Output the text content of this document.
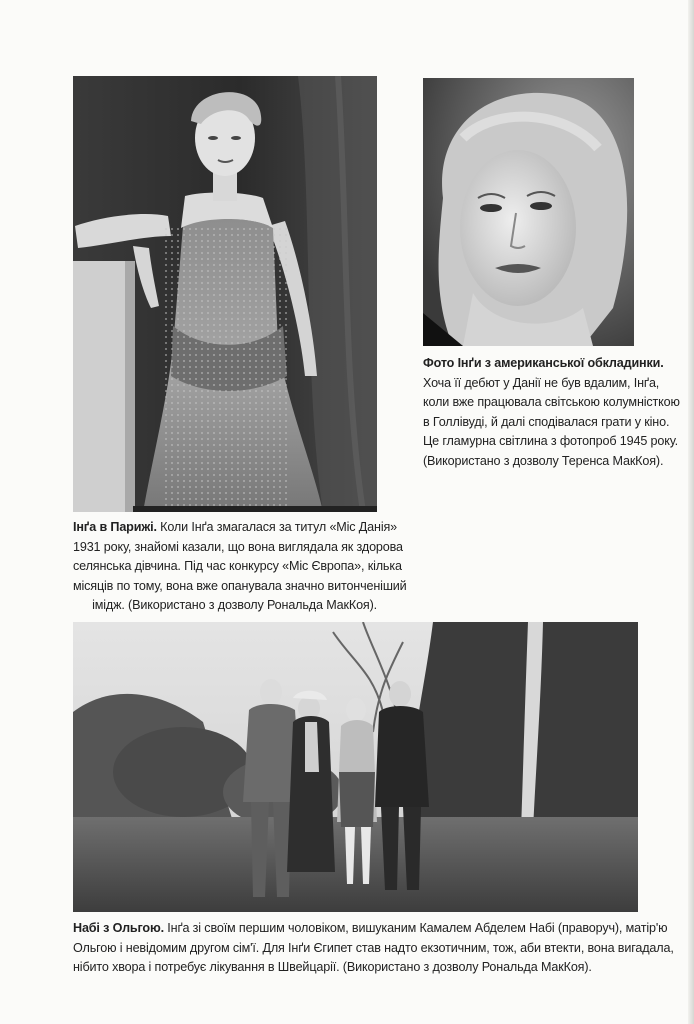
Інґа в Парижі. Коли Інґа змагалася за титул «Міс Данія»
1931 року, знайомі казали, що вона виглядала як здорова
селянська дівчина. Під час конкурсу «Міс Європа», кілька
місяців по тому, вона вже опанувала значно витонченіший
імідж. (Використано з дозволу Рональда МакКоя).
Фото Інґи з американської обкладинки.
Хоча її дебют у Данії не був вдалим, Інґа,
коли вже працювала світською колумністкою
в Голлівуді, й далі сподівалася грати у кіно.
Це гламурна світлина з фотопроб 1945 року.
(Використано з дозволу Теренса МакКоя).
Набі з Ольгою. Інґа зі своїм першим чоловіком, вишуканим Камалем Абделем Набі (праворуч), матір'ю
Ольгою і невідомим другом сім'ї. Для Інґи Єгипет став надто екзотичним, тож, аби втекти, вона вигадала,
нібито хвора і потребує лікування в Швейцарії. (Використано з дозволу Рональда МакКоя).
